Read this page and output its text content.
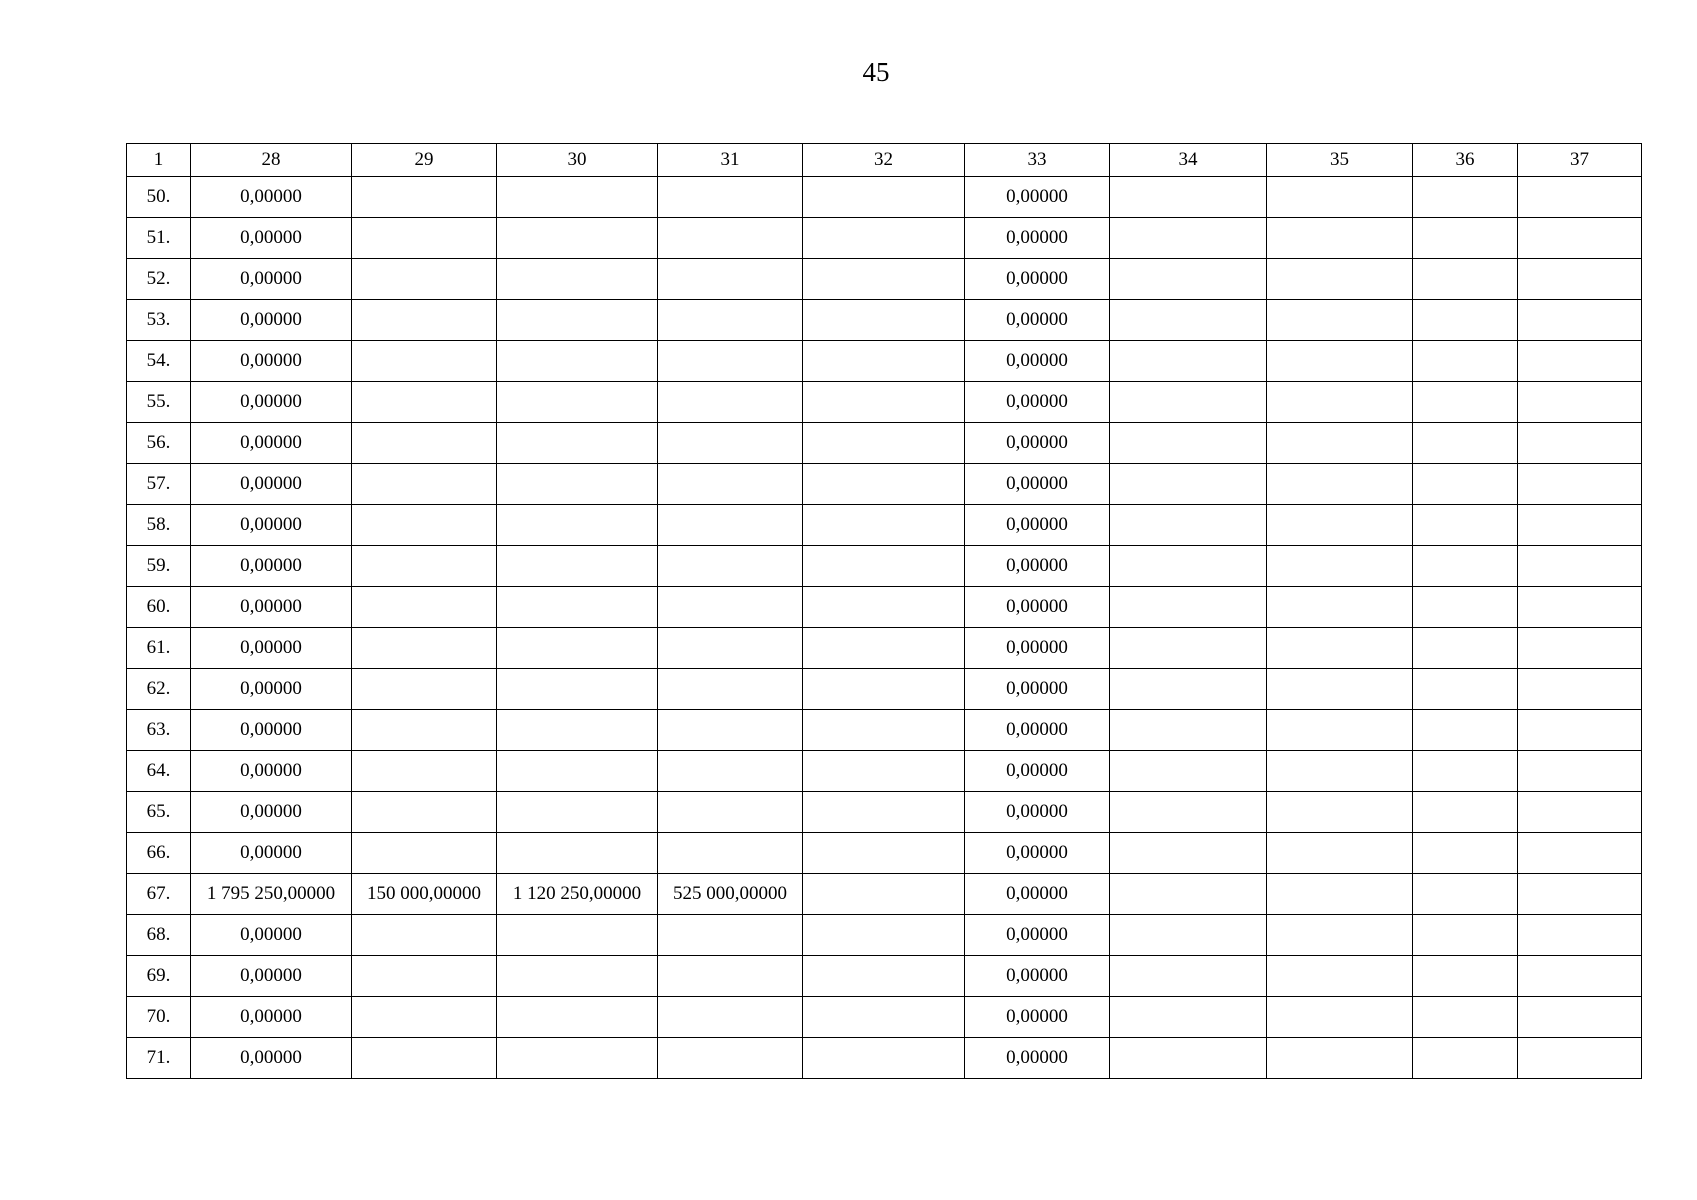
45
1	28	29	30	31	32	33	34	35	36	37
50.	0,00000					0,00000				
51.	0,00000					0,00000				
52.	0,00000					0,00000				
53.	0,00000					0,00000				
54.	0,00000					0,00000				
55.	0,00000					0,00000				
56.	0,00000					0,00000				
57.	0,00000					0,00000				
58.	0,00000					0,00000				
59.	0,00000					0,00000				
60.	0,00000					0,00000				
61.	0,00000					0,00000				
62.	0,00000					0,00000				
63.	0,00000					0,00000				
64.	0,00000					0,00000				
65.	0,00000					0,00000				
66.	0,00000					0,00000				
67.	1 795 250,00000	150 000,00000	1 120 250,00000	525 000,00000		0,00000				
68.	0,00000					0,00000				
69.	0,00000					0,00000				
70.	0,00000					0,00000				
71.	0,00000					0,00000				
